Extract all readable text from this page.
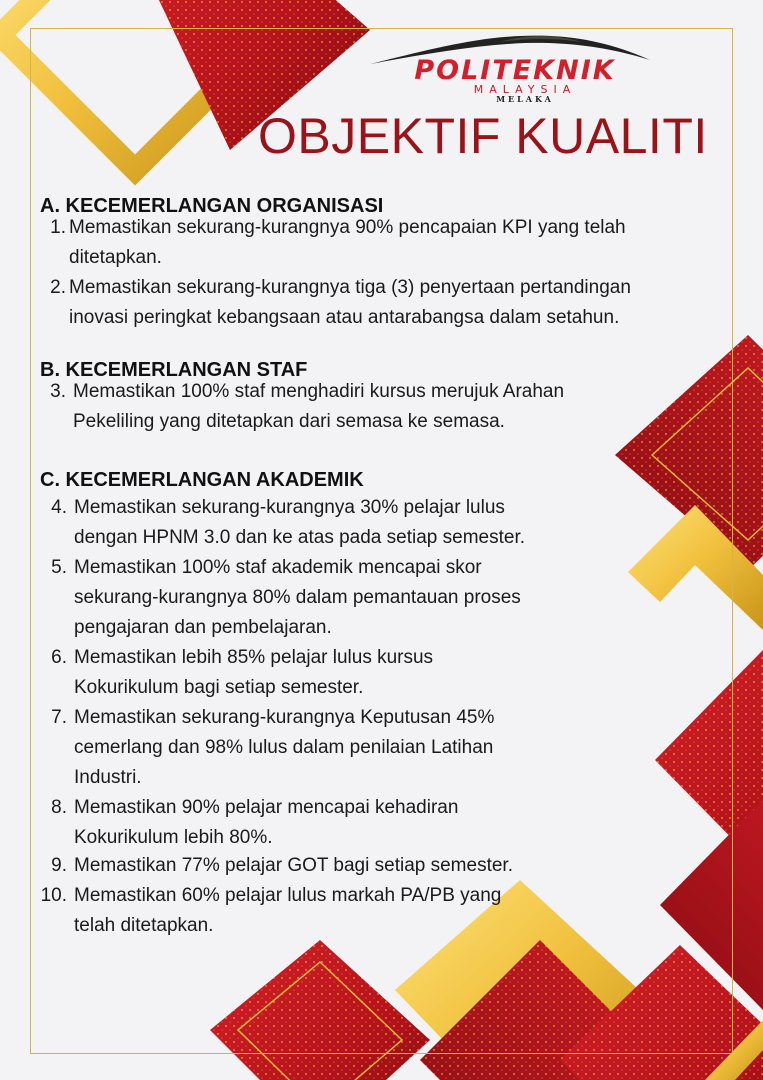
POLITEKNIK
MALAYSIA
MELAKA
OBJEKTIF KUALITI
A. KECEMERLANGAN ORGANISASI
1. Memastikan sekurang-kurangnya 90% pencapaian KPI yang telah
ditetapkan.
2. Memastikan sekurang-kurangnya tiga (3) penyertaan pertandingan
inovasi peringkat kebangsaan atau antarabangsa dalam setahun.
B. KECEMERLANGAN STAF
3. Memastikan 100% staf menghadiri kursus merujuk Arahan
Pekeliling yang ditetapkan dari semasa ke semasa.
C. KECEMERLANGAN AKADEMIK
4. Memastikan sekurang-kurangnya 30% pelajar lulus
dengan HPNM 3.0 dan ke atas pada setiap semester.
5. Memastikan 100% staf akademik mencapai skor
sekurang-kurangnya 80% dalam pemantauan proses
pengajaran dan pembelajaran.
6. Memastikan lebih 85% pelajar lulus kursus
Kokurikulum bagi setiap semester.
7. Memastikan sekurang-kurangnya Keputusan 45%
cemerlang dan 98% lulus dalam penilaian Latihan
Industri.
8. Memastikan 90% pelajar mencapai kehadiran
Kokurikulum lebih 80%.
9. Memastikan 77% pelajar GOT bagi setiap semester.
10. Memastikan 60% pelajar lulus markah PA/PB yang
telah ditetapkan.
